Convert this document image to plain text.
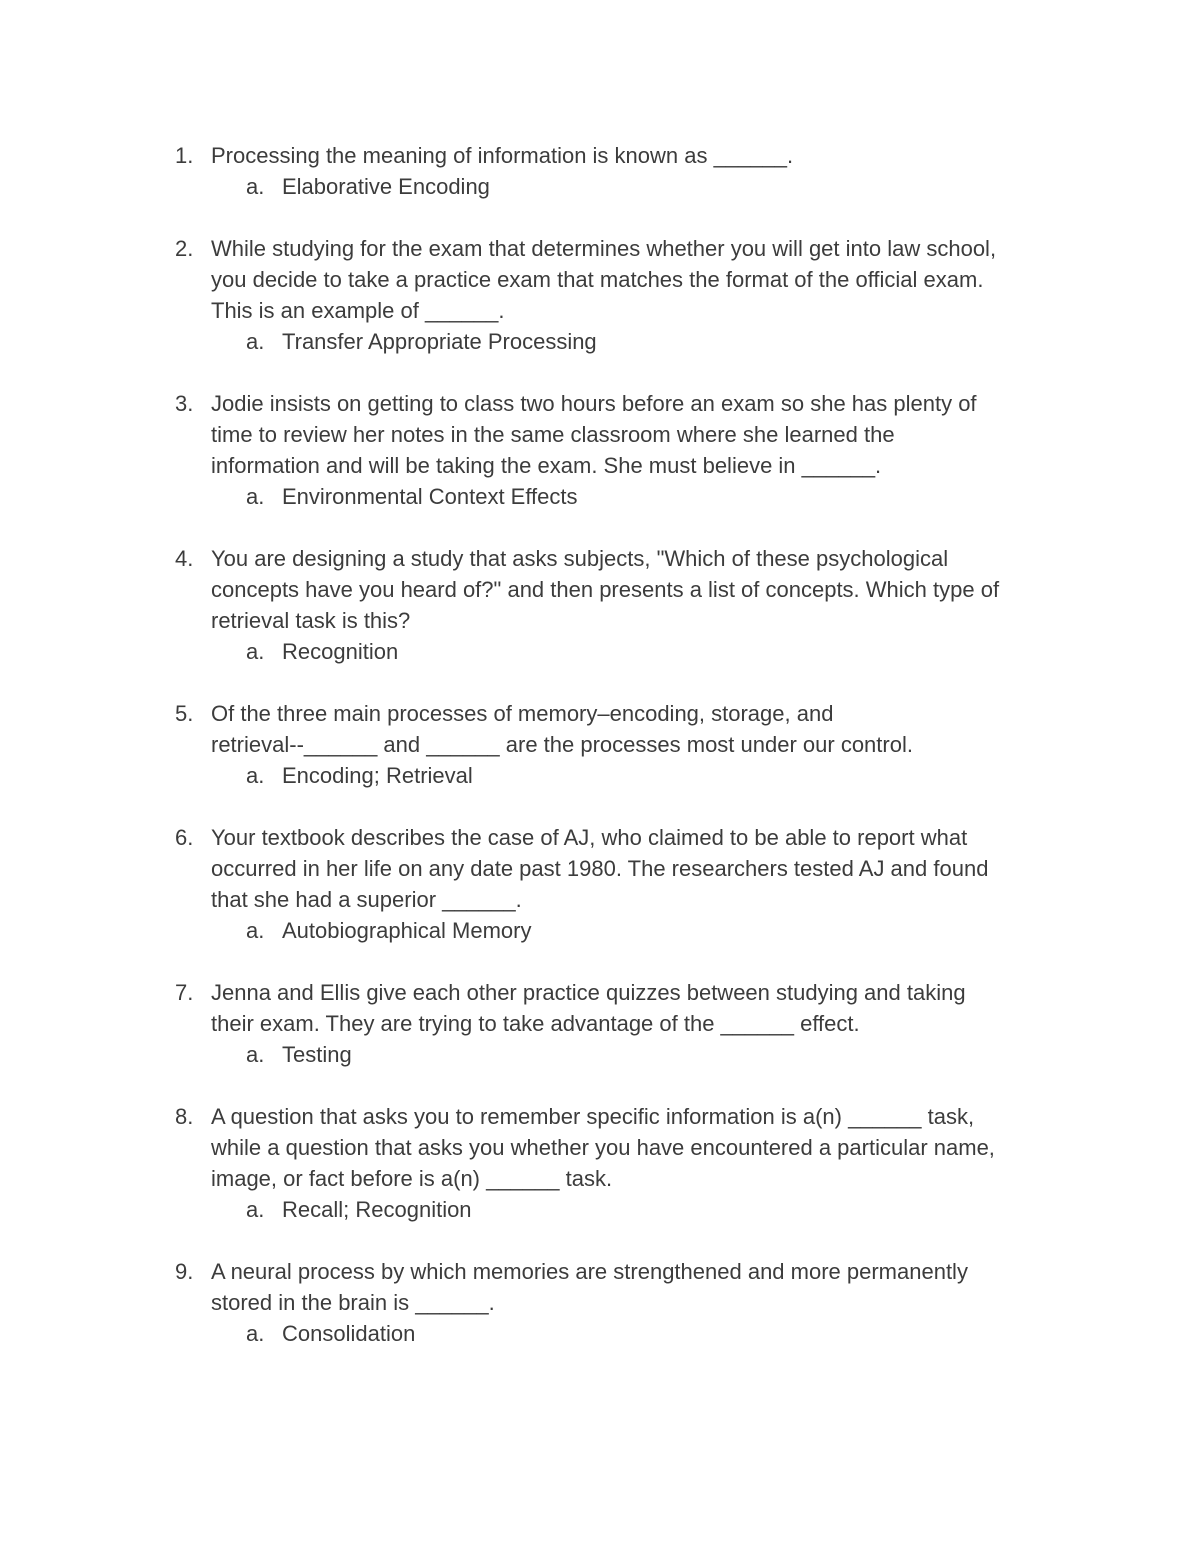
1. Processing the meaning of information is known as ______.
a. Elaborative Encoding
2. While studying for the exam that determines whether you will get into law school,
you decide to take a practice exam that matches the format of the official exam.
This is an example of ______.
a. Transfer Appropriate Processing
3. Jodie insists on getting to class two hours before an exam so she has plenty of
time to review her notes in the same classroom where she learned the
information and will be taking the exam. She must believe in ______.
a. Environmental Context Effects
4. You are designing a study that asks subjects, "Which of these psychological
concepts have you heard of?" and then presents a list of concepts. Which type of
retrieval task is this?
a. Recognition
5. Of the three main processes of memory–encoding, storage, and
retrieval--______ and ______ are the processes most under our control.
a. Encoding; Retrieval
6. Your textbook describes the case of AJ, who claimed to be able to report what
occurred in her life on any date past 1980. The researchers tested AJ and found
that she had a superior ______.
a. Autobiographical Memory
7. Jenna and Ellis give each other practice quizzes between studying and taking
their exam. They are trying to take advantage of the ______ effect.
a. Testing
8. A question that asks you to remember specific information is a(n) ______ task,
while a question that asks you whether you have encountered a particular name,
image, or fact before is a(n) ______ task.
a. Recall; Recognition
9. A neural process by which memories are strengthened and more permanently
stored in the brain is ______.
a. Consolidation
